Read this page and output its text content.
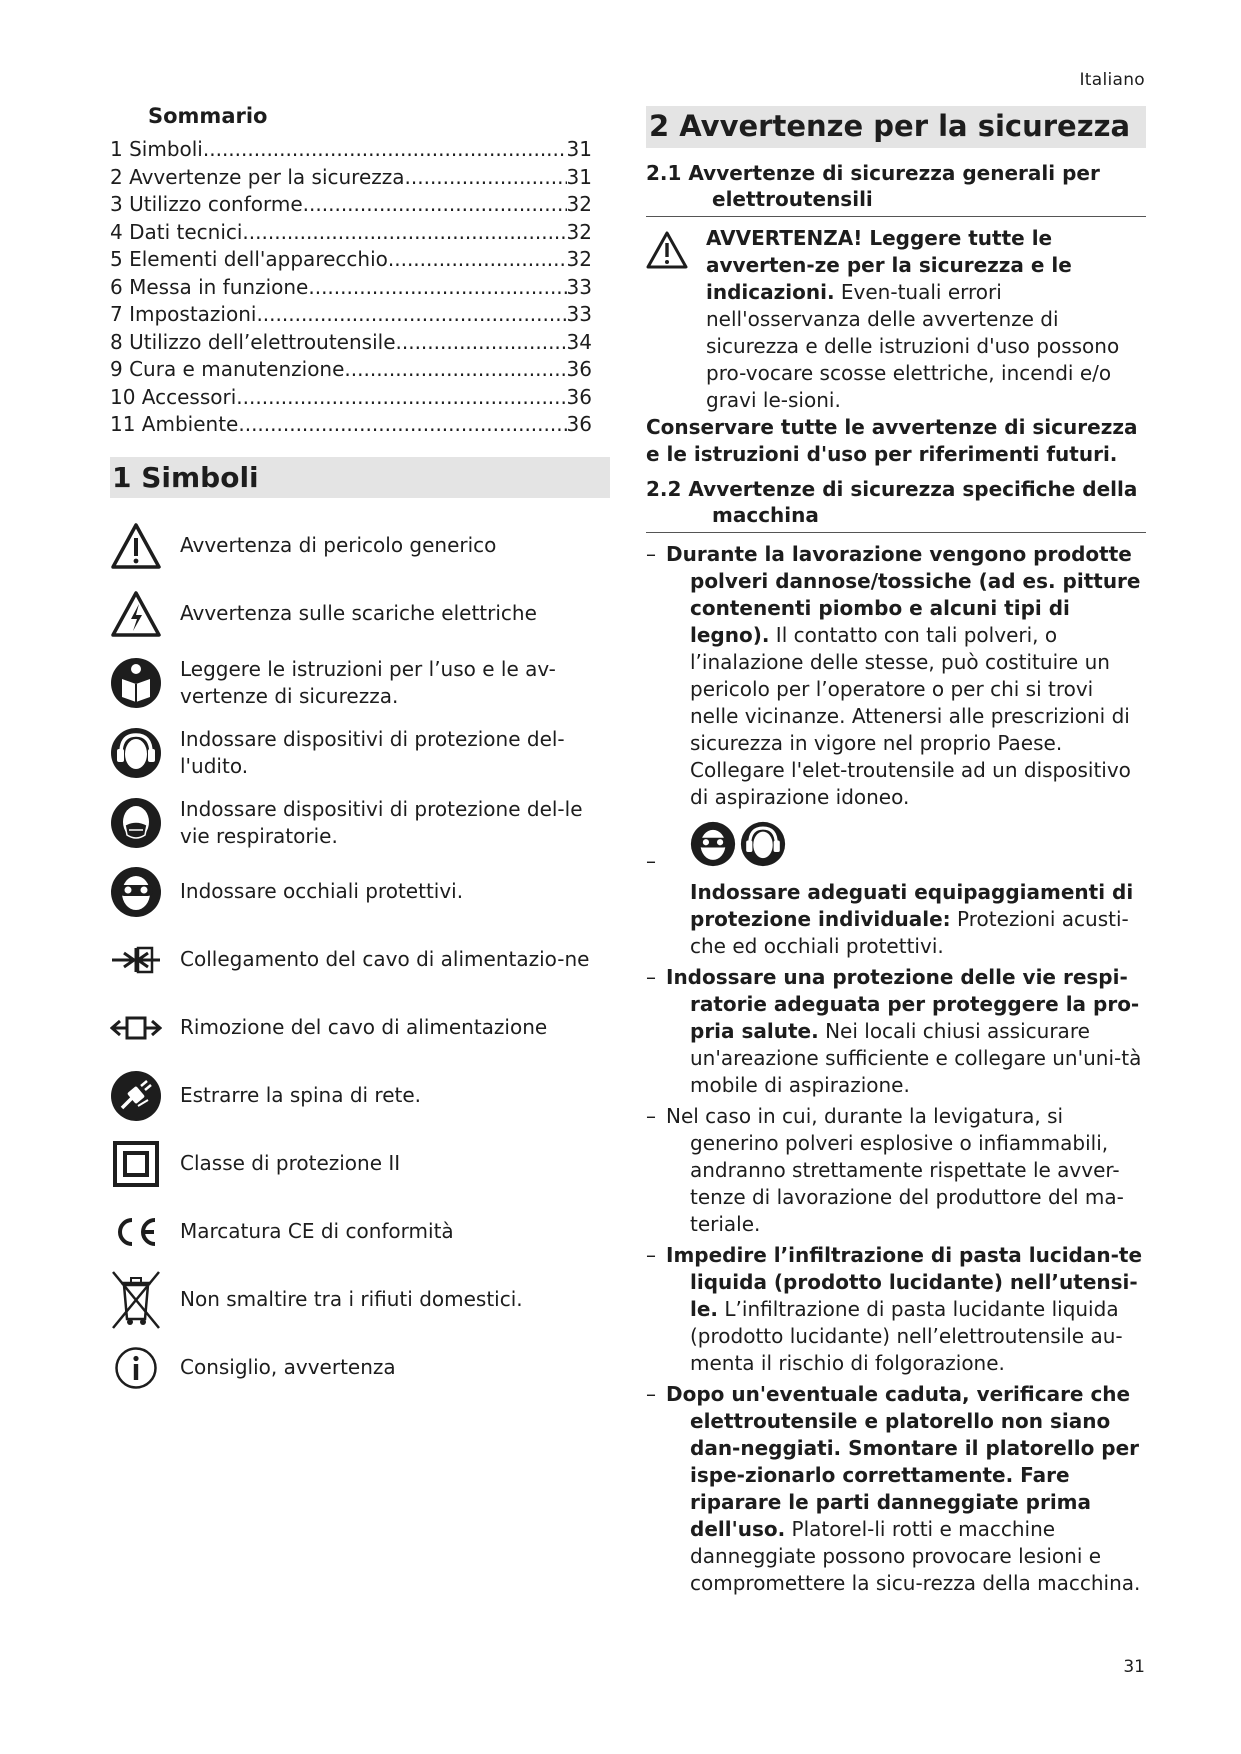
Italiano
Sommario
1 Simboli .....	31
2 Avvertenze per la sicurezza .....	31
3 Utilizzo conforme .....	32
4 Dati tecnici .....	32
5 Elementi dell'apparecchio .....	32
6 Messa in funzione .....	33
7 Impostazioni .....	33
8 Utilizzo dell’elettroutensile .....	34
9 Cura e manutenzione .....	36
10 Accessori .....	36
11 Ambiente .....	36
1 Simboli
Avvertenza di pericolo generico
Avvertenza sulle scariche elettriche
Leggere le istruzioni per l’uso e le av-vertenze di sicurezza.
Indossare dispositivi di protezione del-l'udito.
Indossare dispositivi di protezione del-le vie respiratorie.
Indossare occhiali protettivi.
Collegamento del cavo di alimentazio-ne
Rimozione del cavo di alimentazione
Estrarre la spina di rete.
Classe di protezione II
Marcatura CE di conformità
Non smaltire tra i rifiuti domestici.
Consiglio, avvertenza
2 Avvertenze per la sicurezza
2.1 Avvertenze di sicurezza generali per
elettroutensili
AVVERTENZA! Leggere tutte le avverten-ze per la sicurezza e le indicazioni. Even-tuali errori nell'osservanza delle avvertenze di sicurezza e delle istruzioni d'uso possono pro-vocare scosse elettriche, incendi e/o gravi le-sioni.
Conservare tutte le avvertenze di sicurezza e le istruzioni d'uso per riferimenti futuri.
2.2 Avvertenze di sicurezza specifiche della
macchina
– Durante la lavorazione vengono prodotte polveri dannose/tossiche (ad es. pitture contenenti piombo e alcuni tipi di legno). Il contatto con tali polveri, o l’inalazione delle stesse, può costituire un pericolo per l’operatore o per chi si trovi nelle vicinanze. Attenersi alle prescrizioni di sicurezza in vigore nel proprio Paese. Collegare l'elet-troutensile ad un dispositivo di aspirazione idoneo.
–
Indossare adeguati equipaggiamenti di protezione individuale: Protezioni acusti-che ed occhiali protettivi.
– Indossare una protezione delle vie respi-ratorie adeguata per proteggere la pro-pria salute. Nei locali chiusi assicurare un'areazione sufficiente e collegare un'uni-tà mobile di aspirazione.
– Nel caso in cui, durante la levigatura, si generino polveri esplosive o infiammabili, andranno strettamente rispettate le avver-tenze di lavorazione del produttore del ma-teriale.
– Impedire l’infiltrazione di pasta lucidan-te liquida (prodotto lucidante) nell’utensi-le. L’infiltrazione di pasta lucidante liquida (prodotto lucidante) nell’elettroutensile au-menta il rischio di folgorazione.
– Dopo un'eventuale caduta, verificare che elettroutensile e platorello non siano dan-neggiati. Smontare il platorello per ispe-zionarlo correttamente. Fare riparare le parti danneggiate prima dell'uso. Platorel-li rotti e macchine danneggiate possono provocare lesioni e compromettere la sicu-rezza della macchina.
31
